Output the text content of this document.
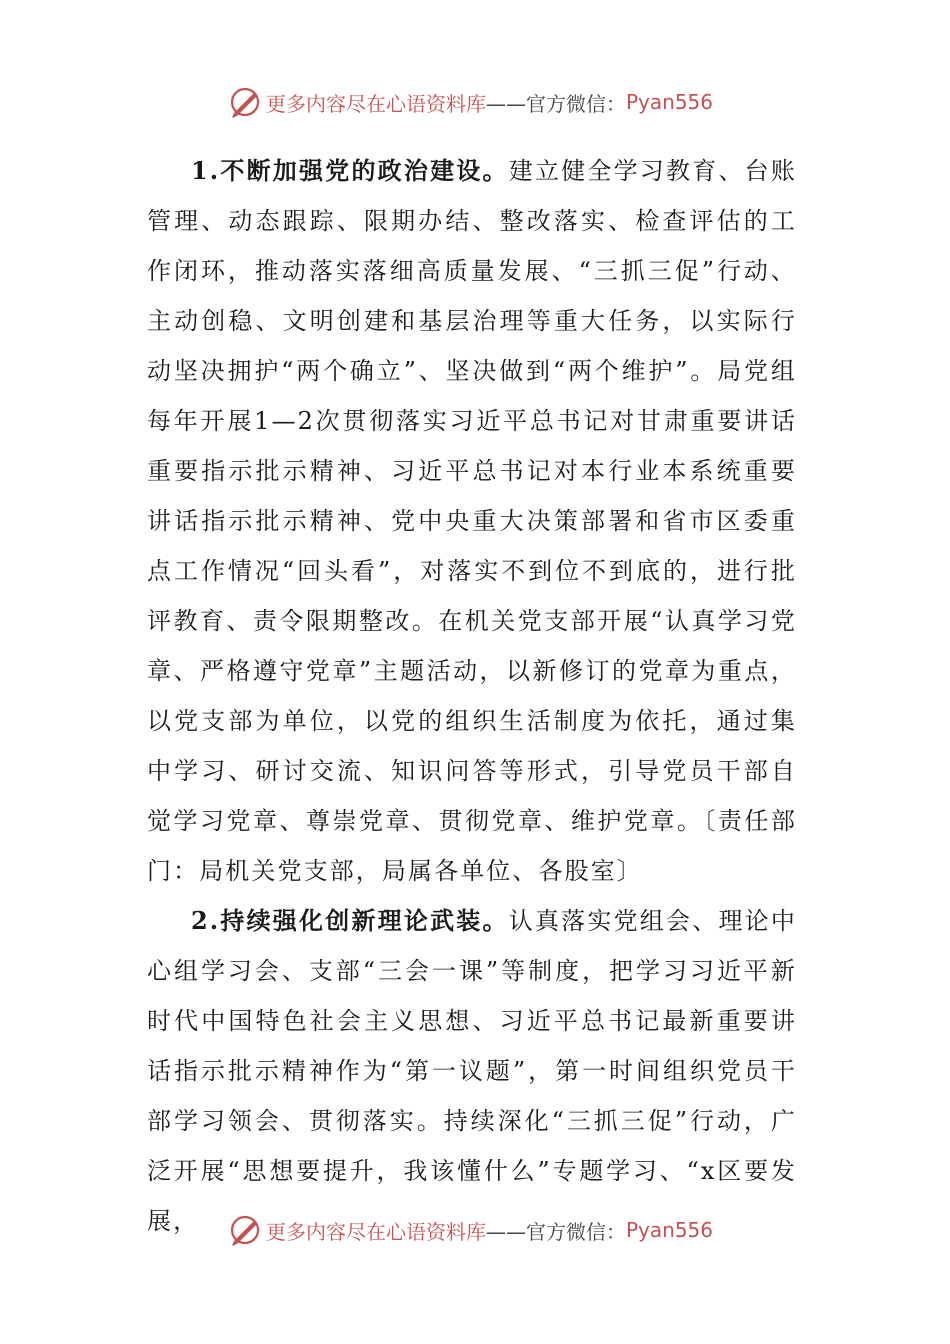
更多内容尽在心语资料库 ——官方微信： Pyan556

1.不断加强党的政治建设。建立健全学习教育、台账管理、动态跟踪、限期办结、整改落实、检查评估的工作闭环，推动落实落细高质量发展、“三抓三促”行动、主动创稳、文明创建和基层治理等重大任务，以实际行动坚决拥护“两个确立”、坚决做到“两个维护”。局党组每年开展1—2次贯彻落实习近平总书记对甘肃重要讲话重要指示批示精神、习近平总书记对本行业本系统重要讲话指示批示精神、党中央重大决策部署和省市区委重点工作情况“回头看”，对落实不到位不到底的，进行批评教育、责令限期整改。在机关党支部开展“认真学习党章、严格遵守党章”主题活动，以新修订的党章为重点，以党支部为单位，以党的组织生活制度为依托，通过集中学习、研讨交流、知识问答等形式，引导党员干部自觉学习党章、尊崇党章、贯彻党章、维护党章。〔责任部门：局机关党支部，局属各单位、各股室〕

2.持续强化创新理论武装。认真落实党组会、理论中心组学习会、支部“三会一课”等制度，把学习习近平新时代中国特色社会主义思想、习近平总书记最新重要讲话指示批示精神作为“第一议题”，第一时间组织党员干部学习领会、贯彻落实。持续深化“三抓三促”行动，广泛开展“思想要提升，我该懂什么”专题学习、“x区要发展，	更多内容尽在心语资料库 ——官方微信： Pyan556
